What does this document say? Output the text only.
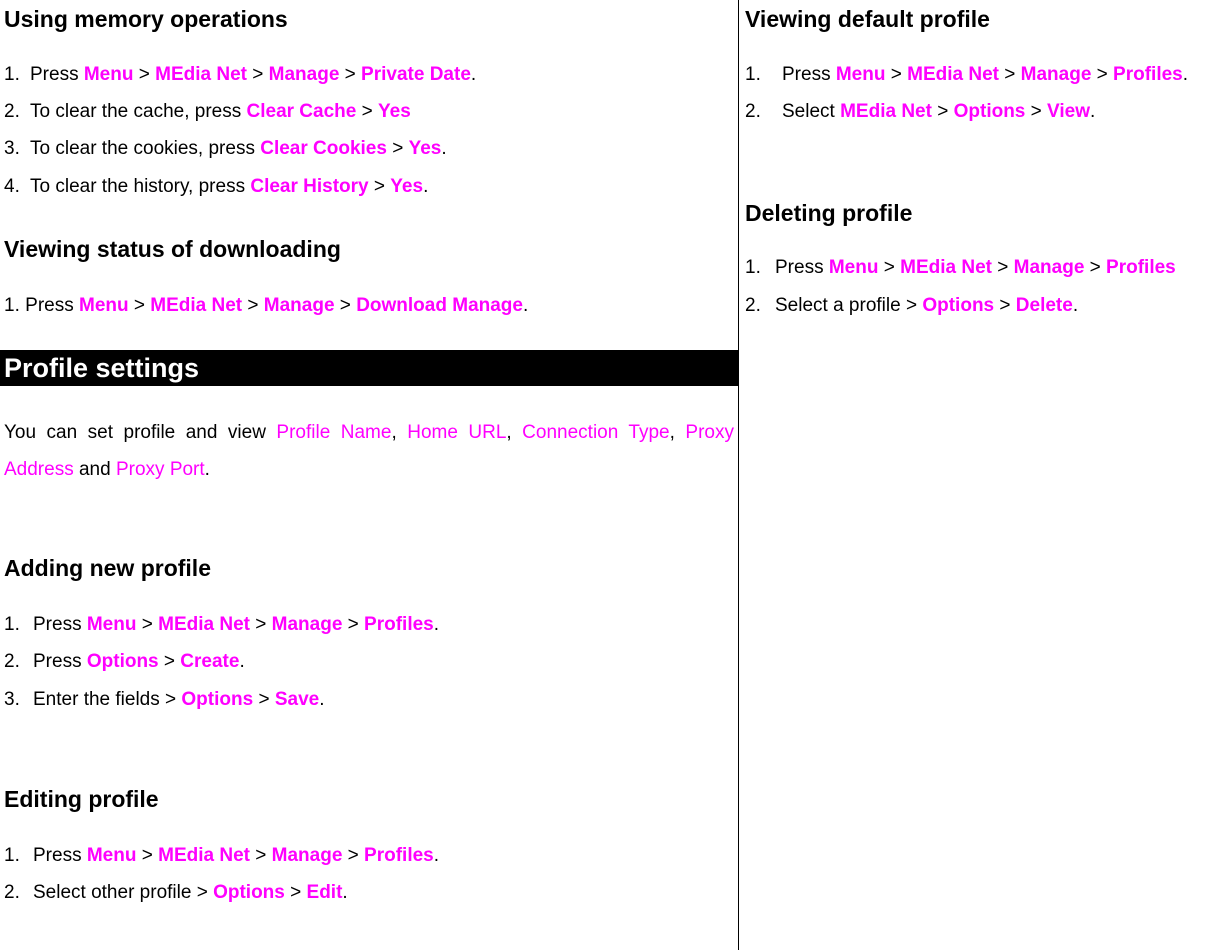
Using memory operations
1. Press Menu > MEdia Net > Manage > Private Date.
2. To clear the cache, press Clear Cache > Yes
3. To clear the cookies, press Clear Cookies > Yes.
4. To clear the history, press Clear History > Yes.
Viewing status of downloading
1. Press Menu > MEdia Net > Manage > Download Manage.
Profile settings
You can set profile and view Profile Name, Home URL, Connection Type, Proxy Address and Proxy Port.
Adding new profile
1. Press Menu > MEdia Net > Manage > Profiles.
2. Press Options > Create.
3. Enter the fields > Options > Save.
Editing profile
1. Press Menu > MEdia Net > Manage > Profiles.
2. Select other profile > Options > Edit.
Viewing default profile
1. Press Menu > MEdia Net > Manage > Profiles.
2. Select MEdia Net > Options > View.
Deleting profile
1. Press Menu > MEdia Net > Manage > Profiles
2. Select a profile > Options > Delete.
